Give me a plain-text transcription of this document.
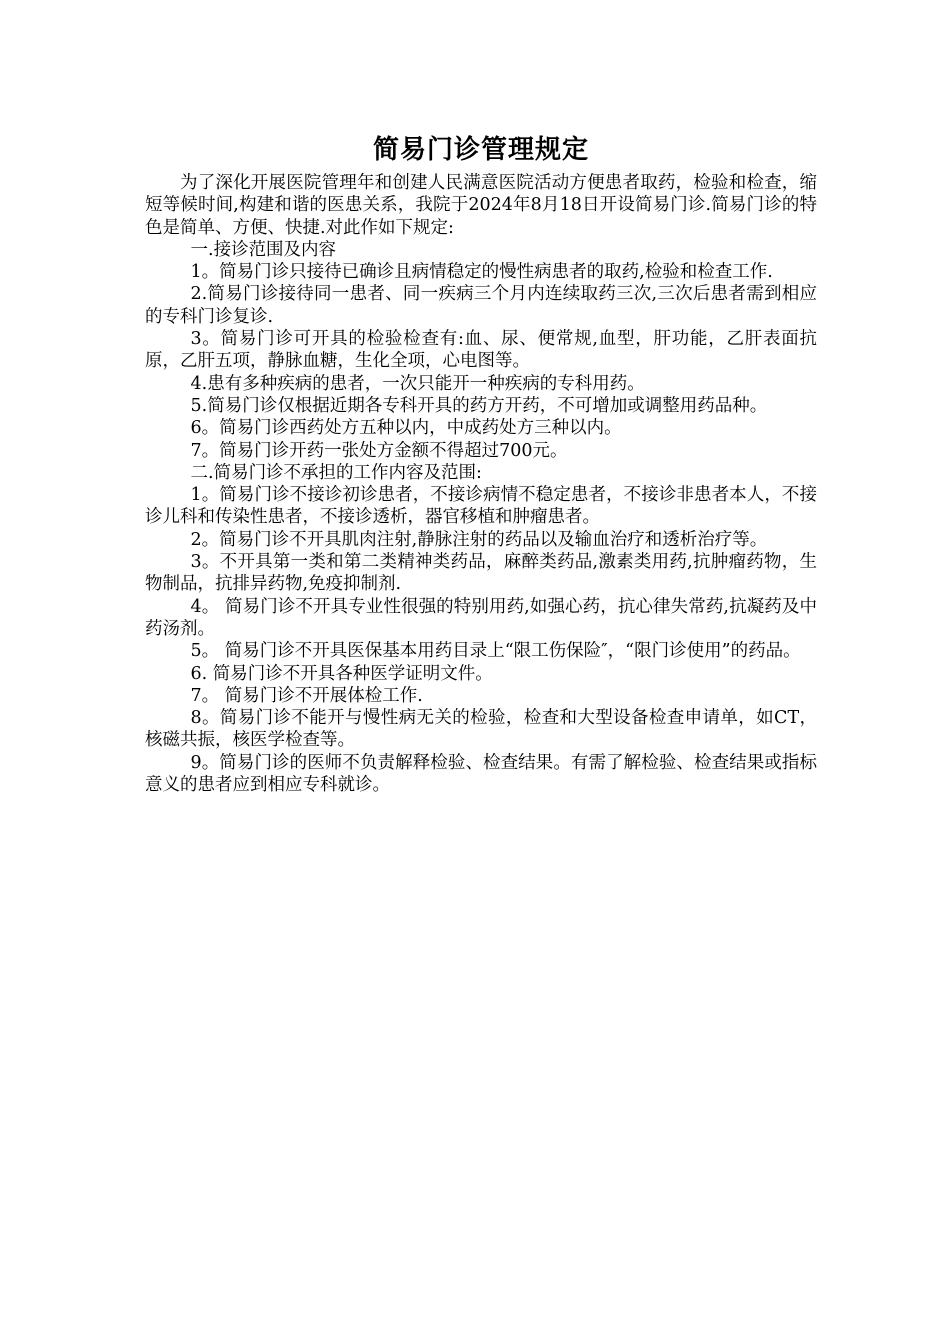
简易门诊管理规定

为了深化开展医院管理年和创建人民满意医院活动方便患者取药，检验和检查，缩短等候时间,构建和谐的医患关系，我院于2024年8月18日开设简易门诊.简易门诊的特色是简单、方便、快捷.对此作如下规定:

一.接诊范围及内容

1。简易门诊只接待已确诊且病情稳定的慢性病患者的取药,检验和检查工作.

2.简易门诊接待同一患者、同一疾病三个月内连续取药三次,三次后患者需到相应的专科门诊复诊.

3。简易门诊可开具的检验检查有:血、尿、便常规,血型，肝功能，乙肝表面抗原，乙肝五项，静脉血糖，生化全项，心电图等。

4.患有多种疾病的患者，一次只能开一种疾病的专科用药。

5.简易门诊仅根据近期各专科开具的药方开药，不可增加或调整用药品种。

6。简易门诊西药处方五种以内，中成药处方三种以内。

7。简易门诊开药一张处方金额不得超过700元。

二.简易门诊不承担的工作内容及范围:

1。简易门诊不接诊初诊患者，不接诊病情不稳定患者，不接诊非患者本人，不接诊儿科和传染性患者，不接诊透析，器官移植和肿瘤患者。

2。简易门诊不开具肌肉注射,静脉注射的药品以及输血治疗和透析治疗等。

3。不开具第一类和第二类精神类药品，麻醉类药品,激素类用药,抗肿瘤药物，生物制品，抗排异药物,免疫抑制剂.

4。 简易门诊不开具专业性很强的特别用药,如强心药，抗心律失常药,抗凝药及中药汤剂。

5。 简易门诊不开具医保基本用药目录上“限工伤保险″，“限门诊使用”的药品。

6. 简易门诊不开具各种医学证明文件。

7。 简易门诊不开展体检工作.

8。简易门诊不能开与慢性病无关的检验，检查和大型设备检查申请单，如CT，核磁共振，核医学检查等。

9。简易门诊的医师不负责解释检验、检查结果。有需了解检验、检查结果或指标意义的患者应到相应专科就诊。
